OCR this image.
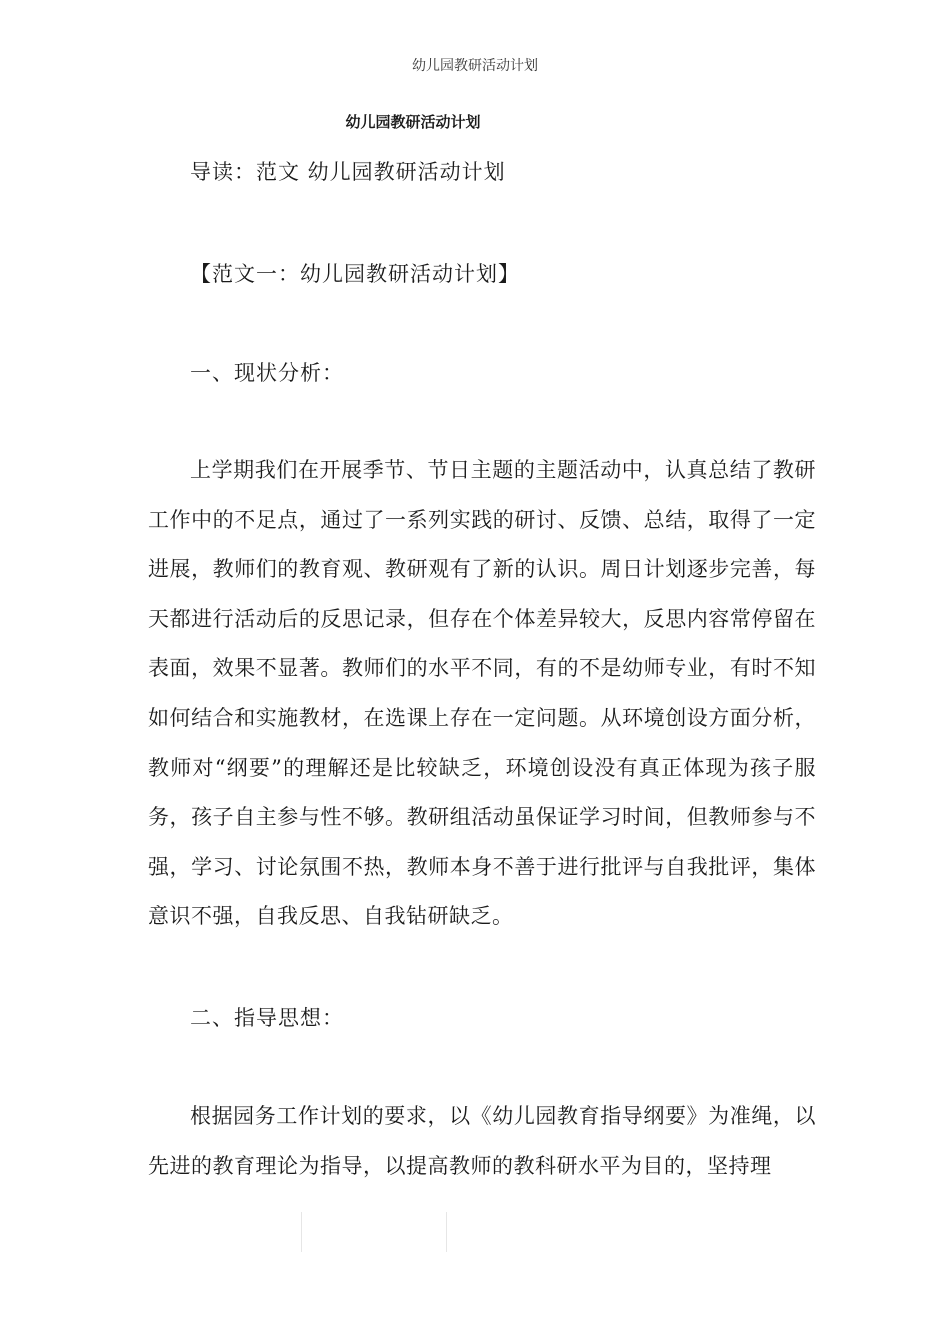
幼儿园教研活动计划
幼儿园教研活动计划
导读：范文 幼儿园教研活动计划
【范文一：幼儿园教研活动计划】
一、现状分析：
上学期我们在开展季节、节日主题的主题活动中，认真总结了教研工作中的不足点，通过了一系列实践的研讨、反馈、总结，取得了一定进展，教师们的教育观、教研观有了新的认识。周日计划逐步完善，每天都进行活动后的反思记录，但存在个体差异较大，反思内容常停留在表面，效果不显著。教师们的水平不同，有的不是幼师专业，有时不知如何结合和实施教材，在选课上存在一定问题。从环境创设方面分析，教师对“纲要”的理解还是比较缺乏，环境创设没有真正体现为孩子服务，孩子自主参与性不够。教研组活动虽保证学习时间，但教师参与不强，学习、讨论氛围不热，教师本身不善于进行批评与自我批评，集体意识不强，自我反思、自我钻研缺乏。
二、指导思想：
根据园务工作计划的要求，以《幼儿园教育指导纲要》为准绳，以先进的教育理论为指导，以提高教师的教科研水平为目的，坚持理
